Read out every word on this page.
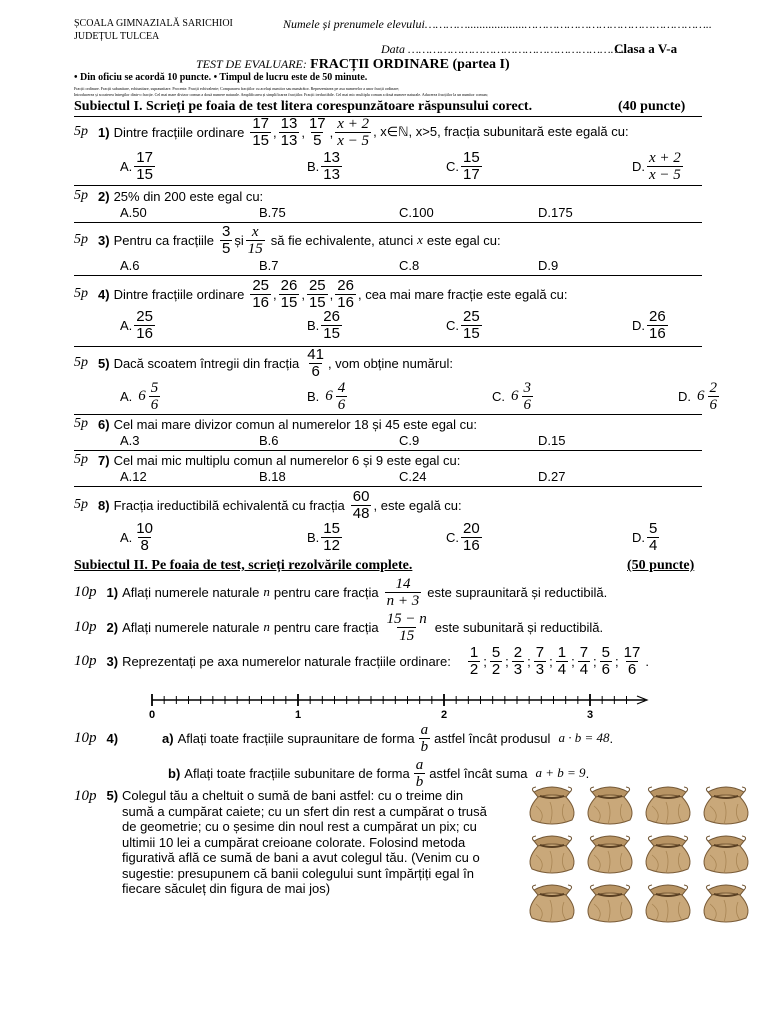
ȘCOALA GIMNAZIALĂ SARICHIOI
JUDEȚUL TULCEA
Numele și prenumele elevului…………...................……………………………………………..
Data …………………………………………………….
Clasa a V-a
TEST DE EVALUARE: FRACȚII ORDINARE (partea I)
• Din oficiu se acordă 10 puncte. • Timpul de lucru este de 50 minute.
Fracții ordinare. Fracții subunitare, echiunitare, supraunitare. Procente. Fracții echivalente; Compararea fracțiilor cu același numitor sau numărător. Reprezentarea pe axa numerelor a unor fracții ordinare;
Introducerea și scoaterea întregilor dintr-o fracție. Cel mai mare divizor comun a două numere naturale. Amplificarea și simplificarea fracțiilor. Fracții ireductibile. Cel mai mic multiplu comun a două numere naturale. Aducerea fracțiilor la un numitor comun;
Subiectul I. Scrieți pe foaia de test litera corespunzătoare răspunsului corect.	(40 puncte)
5p 1) Dintre fracțiile ordinare $\frac{17}{15}$ , $\frac{13}{13}$ , $\frac{17}{5}$ , $\frac{x + 2}{x - 5}$ , x∈ℕ, x>5, fracția subunitară este egală cu:
A. $\frac{17}{15}$	B. $\frac{13}{13}$	C. $\frac{15}{17}$	D. $\frac{x + 2}{x - 5}$
5p 2) 25% din 200 este egal cu:
A.50	B.75	C.100	D.175
5p 3) Pentru ca fracțiile $\frac{3}{5}$ și $\frac{x}{15}$ să fie echivalente, atunci x este egal cu:
A.6	B.7	C.8	D.9
5p 4) Dintre fracțiile ordinare $\frac{25}{16}$ , $\frac{26}{15}$ , $\frac{25}{15}$ , $\frac{26}{16}$ , cea mai mare fracție este egală cu:
A. $\frac{25}{16}$	B. $\frac{26}{15}$	C. $\frac{25}{15}$	D. $\frac{26}{16}$
5p 5) Dacă scoatem întregii din fracția $\frac{41}{6}$ , vom obține numărul:
A. $6 \frac{5}{6}$	B. $6 \frac{4}{6}$	C. $6 \frac{3}{6}$	D. $6 \frac{2}{6}$
5p 6) Cel mai mare divizor comun al numerelor 18 și 45 este egal cu:
A.3	B.6	C.9	D.15
5p 7) Cel mai mic multiplu comun al numerelor 6 și 9 este egal cu:
A.12	B.18	C.24	D.27
5p 8) Fracția ireductibilă echivalentă cu fracția $\frac{60}{48}$ , este egală cu:
A. $\frac{10}{8}$	B. $\frac{15}{12}$	C. $\frac{20}{16}$	D. $\frac{5}{4}$
Subiectul II. Pe foaia de test, scrieți rezolvările complete.	(50 puncte)
10p 1) Aflați numerele naturale n pentru care fracția $\frac{14}{n + 3}$ este supraunitară și reductibilă.
10p 2) Aflați numerele naturale n pentru care fracția $\frac{15 - n}{15}$ este subunitară și reductibilă.
10p 3) Reprezentați pe axa numerelor naturale fracțiile ordinare: $\frac{1}{2}$ ; $\frac{5}{2}$ ; $\frac{2}{3}$ ; $\frac{7}{3}$ ; $\frac{1}{4}$ ; $\frac{7}{4}$ ; $\frac{5}{6}$ ; $\frac{17}{6}$ .
0	1	2	3
10p 4)	a) Aflați toate fracțiile supraunitare de forma $\frac{a}{b}$ astfel încât produsul a · b = 48 .
b) Aflați toate fracțiile subunitare de forma $\frac{a}{b}$ astfel încât suma a + b = 9 .
10p 5) Colegul tău a cheltuit o sumă de bani astfel: cu o treime din
sumă a cumpărat caiete; cu un sfert din rest a cumpărat o trusă
de geometrie; cu o șesime din noul rest a cumpărat un pix; cu
ultimii 10 lei a cumpărat creioane colorate. Folosind metoda
figurativă află ce sumă de bani a avut colegul tău. (Venim cu o
sugestie: presupunem că banii colegului sunt împărțiți egal în
fiecare săculeț din figura de mai jos)
